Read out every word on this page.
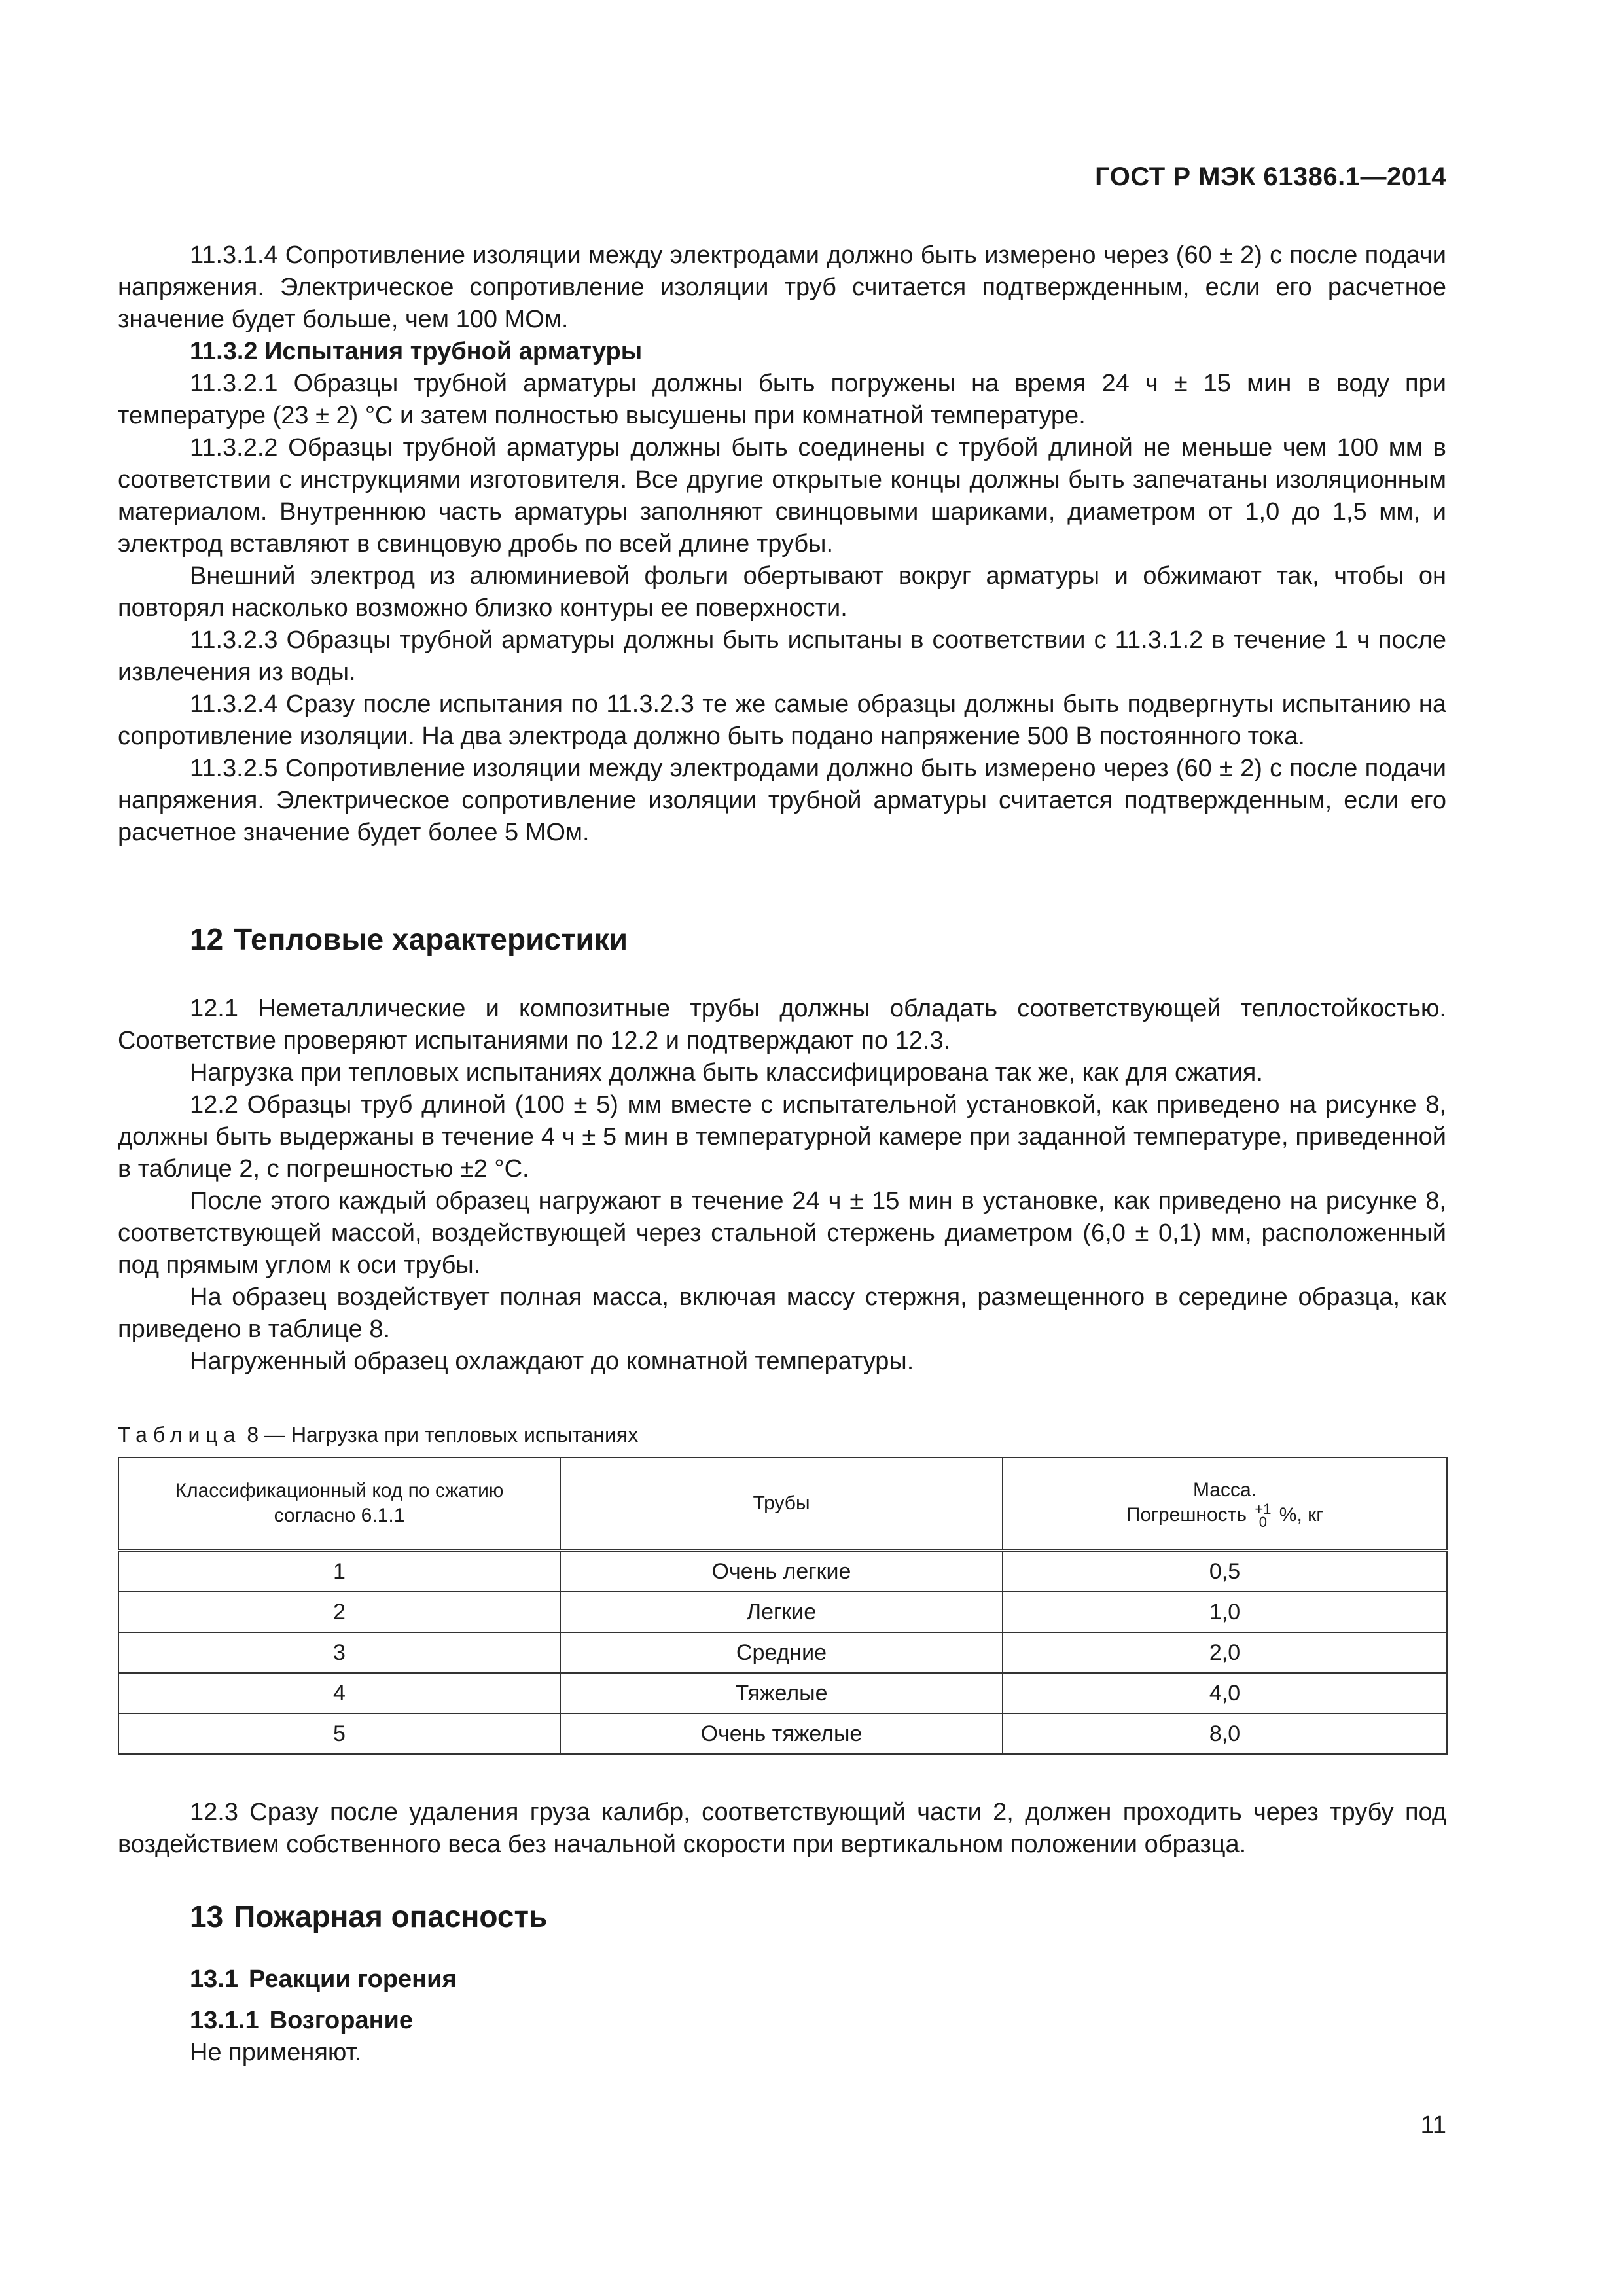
ГОСТ Р МЭК 61386.1—2014

11.3.1.4 Сопротивление изоляции между электродами должно быть измерено через (60 ± 2) с после подачи напряжения. Электрическое сопротивление изоляции труб считается подтвержденным, если его расчетное значение будет больше, чем 100 МОм.

11.3.2 Испытания трубной арматуры

11.3.2.1 Образцы трубной арматуры должны быть погружены на время 24 ч ± 15 мин в воду при температуре (23 ± 2) °С и затем полностью высушены при комнатной температуре.

11.3.2.2 Образцы трубной арматуры должны быть соединены с трубой длиной не меньше чем 100 мм в соответствии с инструкциями изготовителя. Все другие открытые концы должны быть запечатаны изоляционным материалом. Внутреннюю часть арматуры заполняют свинцовыми шариками, диаметром от 1,0 до 1,5 мм, и электрод вставляют в свинцовую дробь по всей длине трубы.

Внешний электрод из алюминиевой фольги обертывают вокруг арматуры и обжимают так, чтобы он повторял насколько возможно близко контуры ее поверхности.

11.3.2.3 Образцы трубной арматуры должны быть испытаны в соответствии с 11.3.1.2 в течение 1 ч после извлечения из воды.

11.3.2.4 Сразу после испытания по 11.3.2.3 те же самые образцы должны быть подвергнуты испытанию на сопротивление изоляции. На два электрода должно быть подано напряжение 500 В постоянного тока.

11.3.2.5 Сопротивление изоляции между электродами должно быть измерено через (60 ± 2) с после подачи напряжения. Электрическое сопротивление изоляции трубной арматуры считается подтвержденным, если его расчетное значение будет более 5 МОм.

12 Тепловые характеристики

12.1 Неметаллические и композитные трубы должны обладать соответствующей теплостойкостью. Соответствие проверяют испытаниями по 12.2 и подтверждают по 12.3.

Нагрузка при тепловых испытаниях должна быть классифицирована так же, как для сжатия.

12.2 Образцы труб длиной (100 ± 5) мм вместе с испытательной установкой, как приведено на рисунке 8, должны быть выдержаны в течение 4 ч ± 5 мин в температурной камере при заданной температуре, приведенной в таблице 2, с погрешностью ±2 °С.

После этого каждый образец нагружают в течение 24 ч ± 15 мин в установке, как приведено на рисунке 8, соответствующей массой, воздействующей через стальной стержень диаметром (6,0 ± 0,1) мм, расположенный под прямым углом к оси трубы.

На образец воздействует полная масса, включая массу стержня, размещенного в середине образца, как приведено в таблице 8.

Нагруженный образец охлаждают до комнатной температуры.

Таблица 8 — Нагрузка при тепловых испытаниях

Классификационный код по сжатию
согласно 6.1.1	Трубы	Масса.
Погрешность +1
0 %, кг
1	Очень легкие	0,5
2	Легкие	1,0
3	Средние	2,0
4	Тяжелые	4,0
5	Очень тяжелые	8,0

12.3 Сразу после удаления груза калибр, соответствующий части 2, должен проходить через трубу под воздействием собственного веса без начальной скорости при вертикальном положении образца.

13 Пожарная опасность

13.1 Реакции горения

13.1.1 Возгорание

Не применяют.

11
